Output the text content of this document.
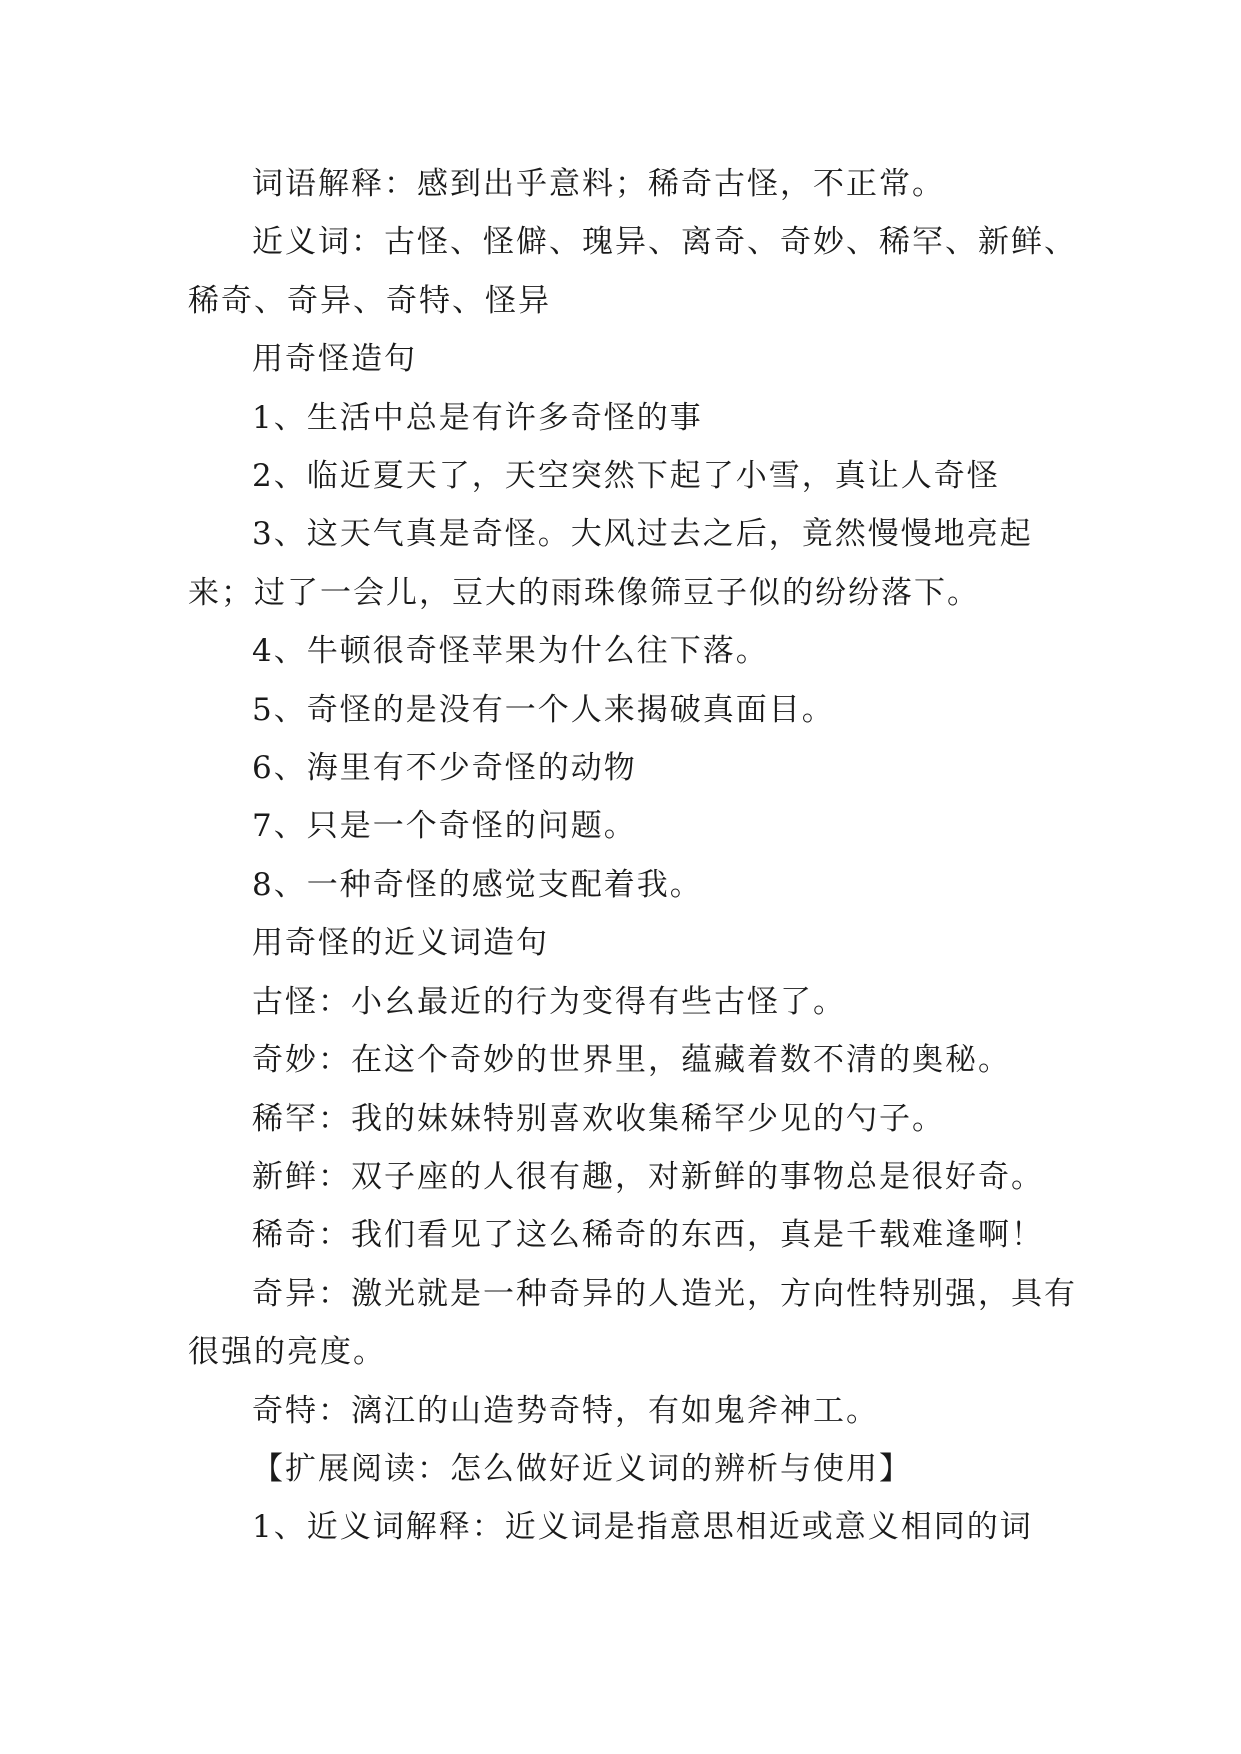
词语解释：感到出乎意料；稀奇古怪，不正常。

近义词：古怪、怪僻、瑰异、离奇、奇妙、稀罕、新鲜、稀奇、奇异、奇特、怪异

用奇怪造句

1、生活中总是有许多奇怪的事

2、临近夏天了，天空突然下起了小雪，真让人奇怪

3、这天气真是奇怪。大风过去之后，竟然慢慢地亮起来；过了一会儿，豆大的雨珠像筛豆子似的纷纷落下。

4、牛顿很奇怪苹果为什么往下落。

5、奇怪的是没有一个人来揭破真面目。

6、海里有不少奇怪的动物

7、只是一个奇怪的问题。

8、一种奇怪的感觉支配着我。

用奇怪的近义词造句

古怪：小幺最近的行为变得有些古怪了。

奇妙：在这个奇妙的世界里，蕴藏着数不清的奥秘。

稀罕：我的妹妹特别喜欢收集稀罕少见的勺子。

新鲜：双子座的人很有趣，对新鲜的事物总是很好奇。

稀奇：我们看见了这么稀奇的东西，真是千载难逢啊！

奇异：激光就是一种奇异的人造光，方向性特别强，具有很强的亮度。

奇特：漓江的山造势奇特，有如鬼斧神工。

【扩展阅读：怎么做好近义词的辨析与使用】

1、近义词解释：近义词是指意思相近或意义相同的词
